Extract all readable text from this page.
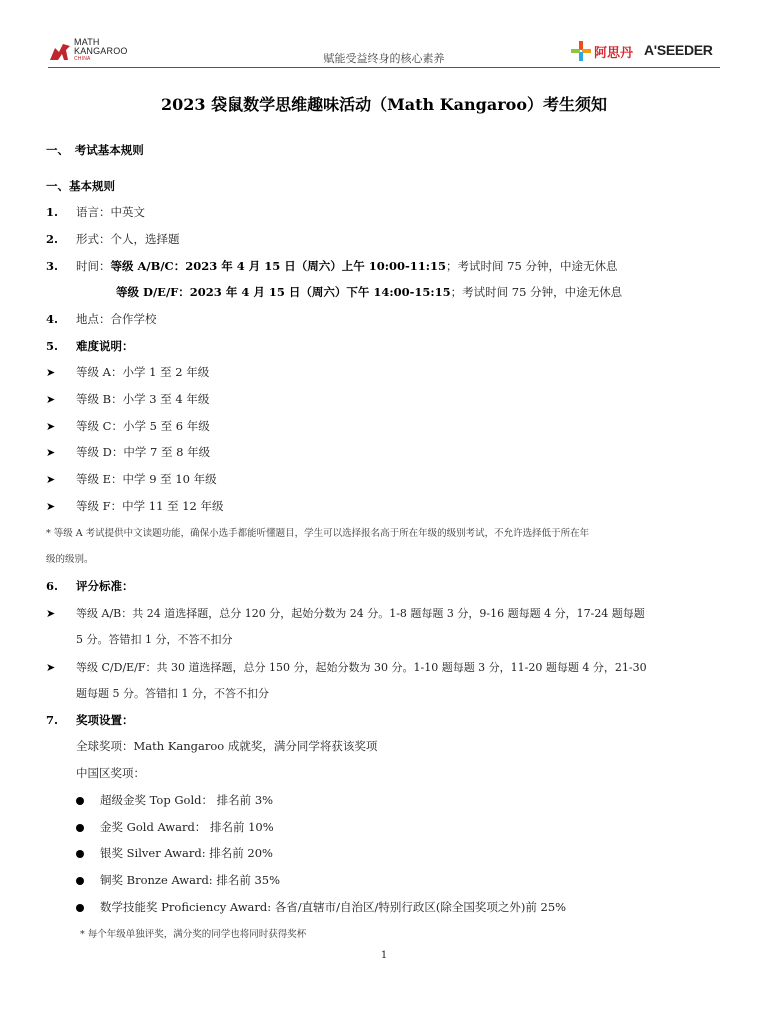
MATH
KANGAROO
CHINA	赋能受益终身的核心素养	阿思丹 A'SEEDER
2023 袋鼠数学思维趣味活动（Math Kangaroo）考生须知
一、　考试基本规则
一、基本规则
1. 语言：中英文
2. 形式：个人，选择题
3. 时间：等级 A/B/C：2023 年 4 月 15 日（周六）上午 10:00-11:15；考试时间 75 分钟，中途无休息
等级 D/E/F：2023 年 4 月 15 日（周六）下午 14:00-15:15；考试时间 75 分钟，中途无休息
4. 地点：合作学校
5. 难度说明：
➤ 等级 A：小学 1 至 2 年级
➤ 等级 B：小学 3 至 4 年级
➤ 等级 C：小学 5 至 6 年级
➤ 等级 D：中学 7 至 8 年级
➤ 等级 E：中学 9 至 10 年级
➤ 等级 F：中学 11 至 12 年级
* 等级 A 考试提供中文读题功能，确保小选手都能听懂题目，学生可以选择报名高于所在年级的级别考试，不允许选择低于所在年
级的级别。
6. 评分标准：
➤ 等级 A/B：共 24 道选择题，总分 120 分，起始分数为 24 分。1-8 题每题 3 分，9-16 题每题 4 分，17-24 题每题
5 分。答错扣 1 分，不答不扣分
➤ 等级 C/D/E/F：共 30 道选择题，总分 150 分，起始分数为 30 分。1-10 题每题 3 分，11-20 题每题 4 分，21-30
题每题 5 分。答错扣 1 分，不答不扣分
7. 奖项设置：
全球奖项：Math Kangaroo 成就奖，满分同学将获该奖项
中国区奖项：
超级金奖 Top Gold： 排名前 3%
金奖 Gold Award： 排名前 10%
银奖 Silver Award: 排名前 20%
铜奖 Bronze Award: 排名前 35%
数学技能奖 Proficiency Award: 各省/直辖市/自治区/特别行政区(除全国奖项之外)前 25%
* 每个年级单独评奖，满分奖的同学也将同时获得奖杯
1
